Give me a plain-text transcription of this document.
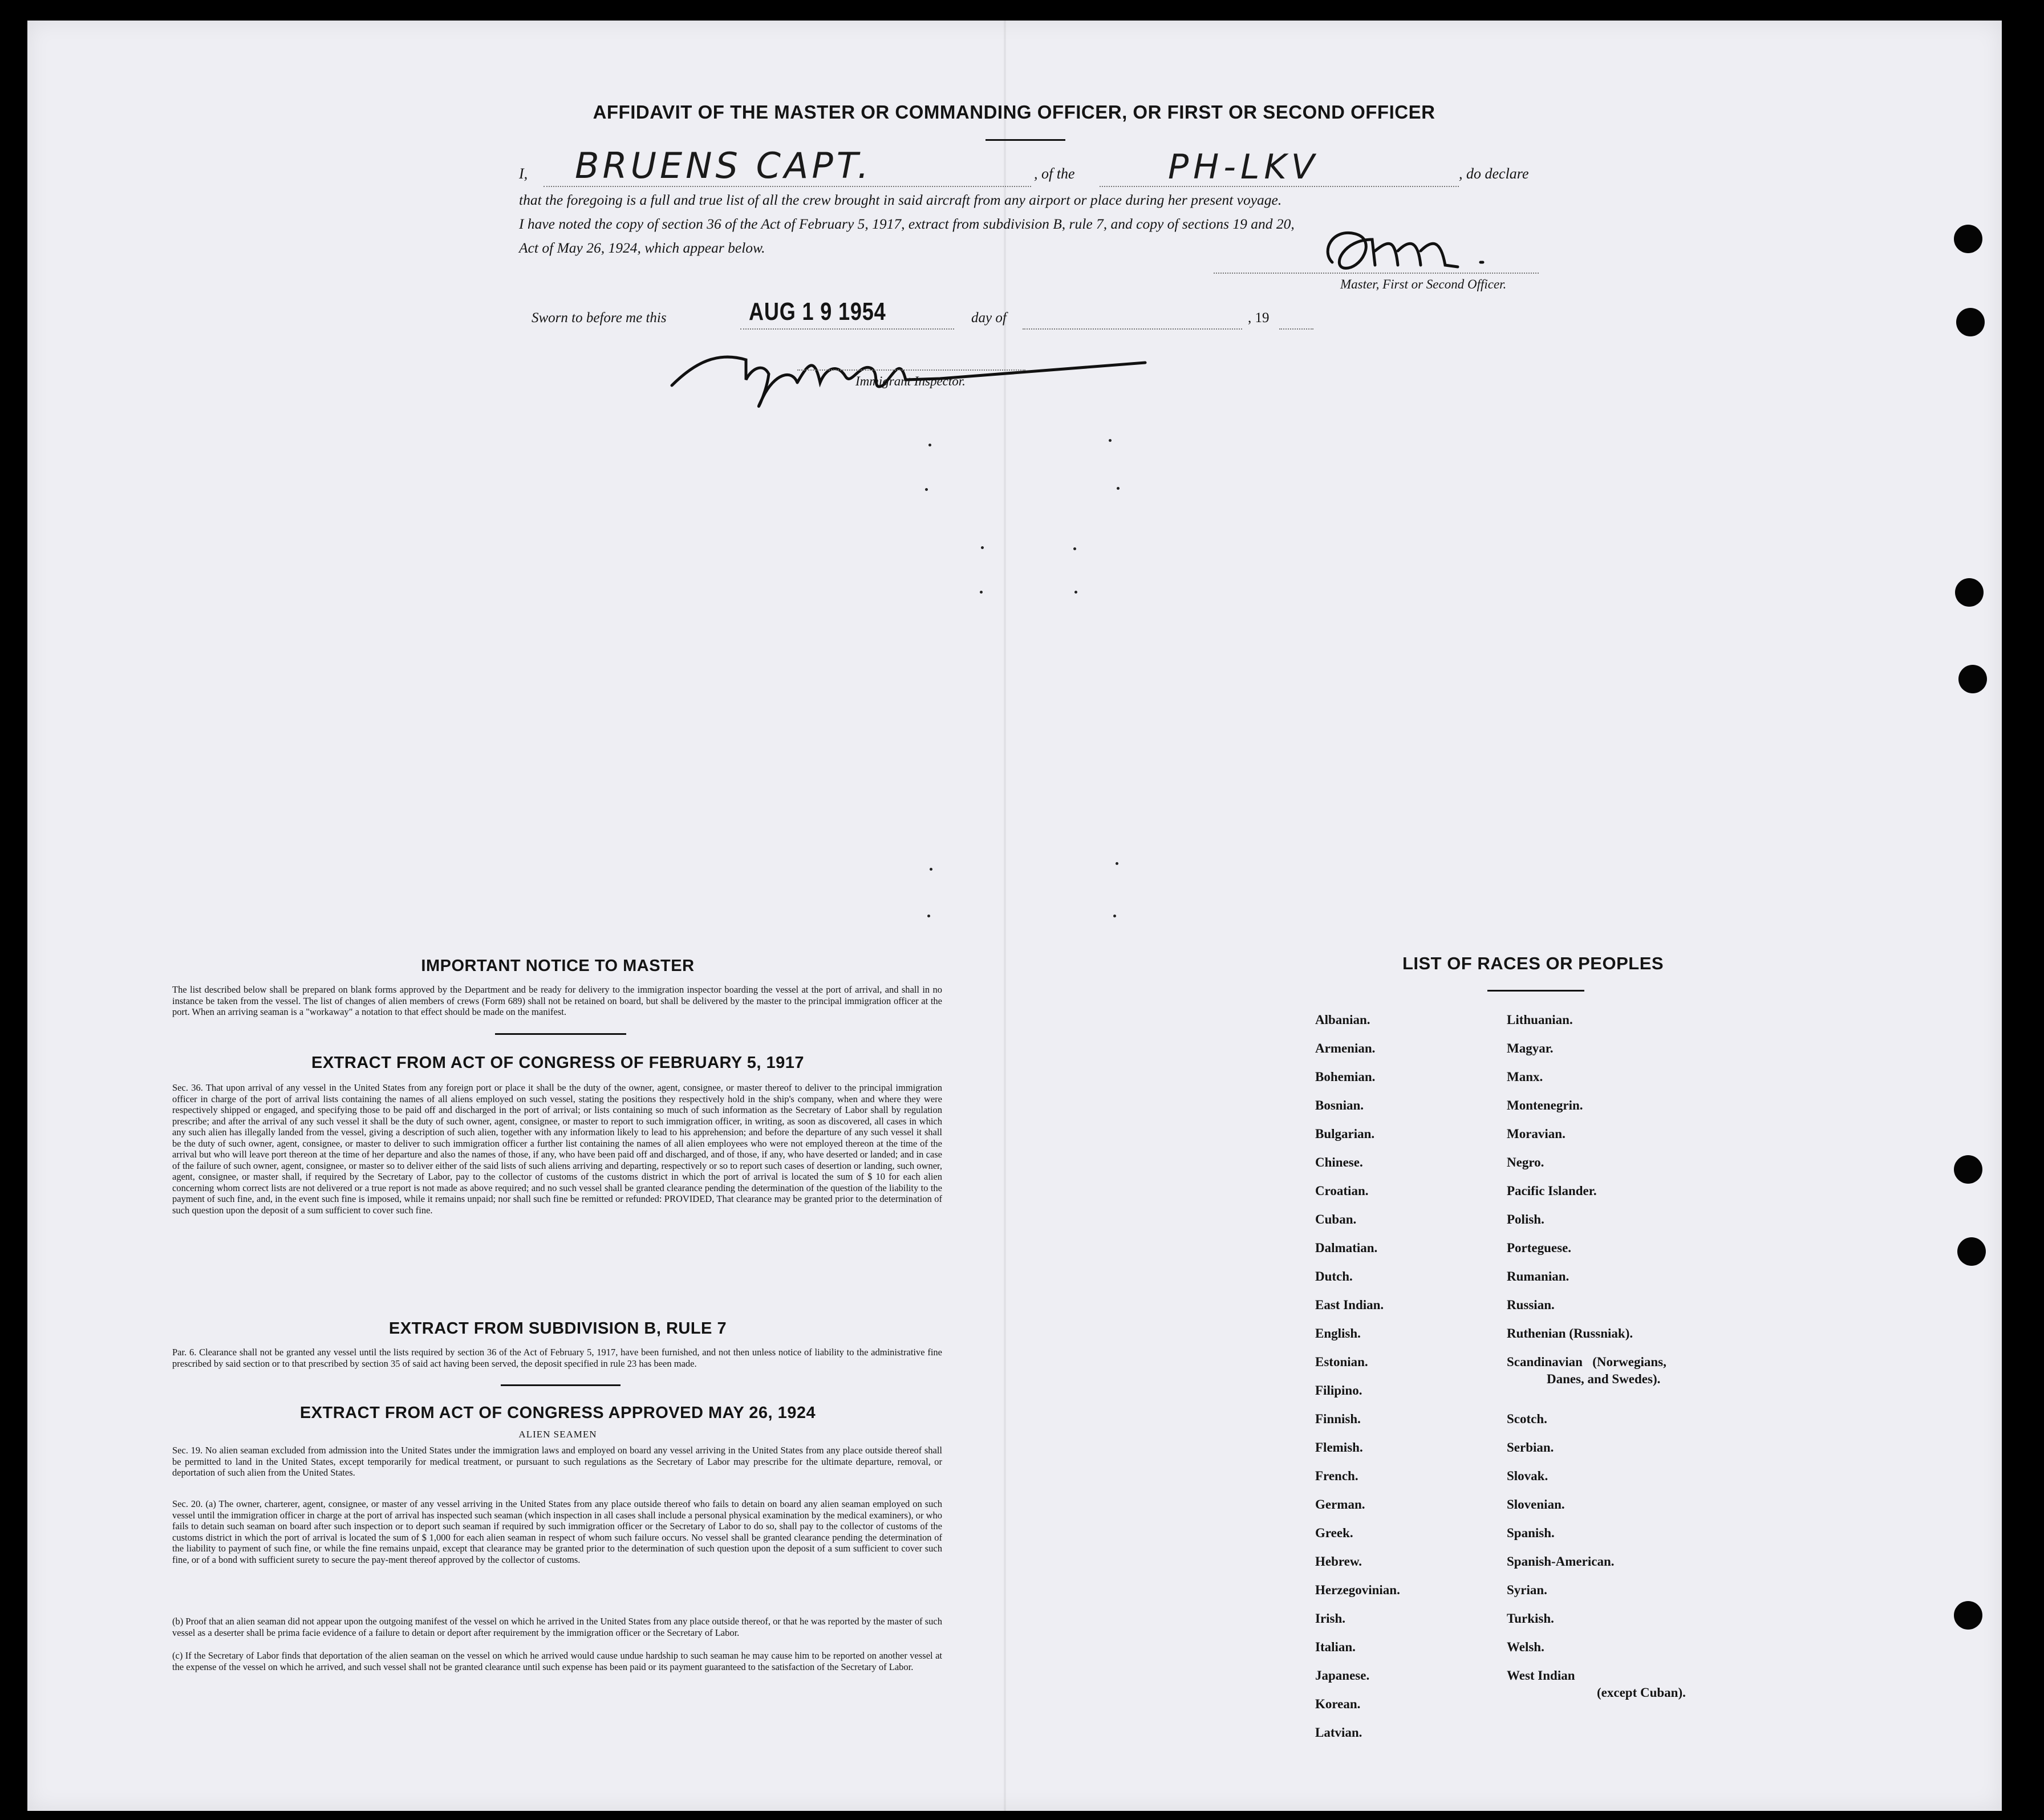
AFFIDAVIT OF THE MASTER OR COMMANDING OFFICER, OR FIRST OR SECOND OFFICER
I, BRUENS CAPT.	, of the	PH-LKV	, do declare
that the foregoing is a full and true list of all the crew brought in said aircraft from any airport or place during her present voyage.
I have noted the copy of section 36 of the Act of February 5, 1917, extract from subdivision B, rule 7, and copy of sections 19 and 20,
Act of May 26, 1924, which appear below.
Master, First or Second Officer.
Sworn to before me this	AUG 1 9 1954	day of	, 19
Immigrant Inspector.
IMPORTANT NOTICE TO MASTER
The list described below shall be prepared on blank forms approved by the Department and be ready for delivery to the immigration inspector boarding the vessel at the port of arrival, and shall in no instance be taken from the vessel. The list of changes of alien members of crews (Form 689) shall not be retained on board, but shall be delivered by the master to the principal immigration officer at the port. When an arriving seaman is a "workaway" a notation to that effect should be made on the manifest.
EXTRACT FROM ACT OF CONGRESS OF FEBRUARY 5, 1917
Sec. 36. That upon arrival of any vessel in the United States from any foreign port or place it shall be the duty of the owner, agent, consignee, or master thereof to deliver to the principal immigration officer in charge of the port of arrival lists containing the names of all aliens employed on such vessel, stating the positions they respectively hold in the ship's company, when and where they were respectively shipped or engaged, and specifying those to be paid off and discharged in the port of arrival; or lists containing so much of such information as the Secretary of Labor shall by regulation prescribe; and after the arrival of any such vessel it shall be the duty of such owner, agent, consignee, or master to report to such immigration officer, in writing, as soon as discovered, all cases in which any such alien has illegally landed from the vessel, giving a description of such alien, together with any information likely to lead to his apprehension; and before the departure of any such vessel it shall be the duty of such owner, agent, consignee, or master to deliver to such immigration officer a further list containing the names of all alien employees who were not employed thereon at the time of the arrival but who will leave port thereon at the time of her departure and also the names of those, if any, who have been paid off and discharged, and of those, if any, who have deserted or landed; and in case of the failure of such owner, agent, consignee, or master so to deliver either of the said lists of such aliens arriving and departing, respectively or so to report such cases of desertion or landing, such owner, agent, consignee, or master shall, if required by the Secretary of Labor, pay to the collector of customs of the customs district in which the port of arrival is located the sum of $ 10 for each alien concerning whom correct lists are not delivered or a true report is not made as above required; and no such vessel shall be granted clearance pending the determination of the question of the liability to the payment of such fine, and, in the event such fine is imposed, while it remains unpaid; nor shall such fine be remitted or refunded: PROVIDED, That clearance may be granted prior to the determination of such question upon the deposit of a sum sufficient to cover such fine.
EXTRACT FROM SUBDIVISION B, RULE 7
Par. 6. Clearance shall not be granted any vessel until the lists required by section 36 of the Act of February 5, 1917, have been furnished, and not then unless notice of liability to the administrative fine prescribed by said section or to that prescribed by section 35 of said act having been served, the deposit specified in rule 23 has been made.
EXTRACT FROM ACT OF CONGRESS APPROVED MAY 26, 1924
ALIEN SEAMEN
Sec. 19. No alien seaman excluded from admission into the United States under the immigration laws and employed on board any vessel arriving in the United States from any place outside thereof shall be permitted to land in the United States, except temporarily for medical treatment, or pursuant to such regulations as the Secretary of Labor may prescribe for the ultimate departure, removal, or deportation of such alien from the United States.
Sec. 20. (a) The owner, charterer, agent, consignee, or master of any vessel arriving in the United States from any place outside thereof who fails to detain on board any alien seaman employed on such vessel until the immigration officer in charge at the port of arrival has inspected such seaman (which inspection in all cases shall include a personal physical examination by the medical examiners), or who fails to detain such seaman on board after such inspection or to deport such seaman if required by such immigration officer or the Secretary of Labor to do so, shall pay to the collector of customs of the customs district in which the port of arrival is located the sum of $ 1,000 for each alien seaman in respect of whom such failure occurs. No vessel shall be granted clearance pending the determination of the liability to payment of such fine, or while the fine remains unpaid, except that clearance may be granted prior to the determination of such question upon the deposit of a sum sufficient to cover such fine, or of a bond with sufficient surety to secure the pay-ment thereof approved by the collector of customs.
(b) Proof that an alien seaman did not appear upon the outgoing manifest of the vessel on which he arrived in the United States from any place outside thereof, or that he was reported by the master of such vessel as a deserter shall be prima facie evidence of a failure to detain or deport after requirement by the immigration officer or the Secretary of Labor.
(c) If the Secretary of Labor finds that deportation of the alien seaman on the vessel on which he arrived would cause undue hardship to such seaman he may cause him to be reported on another vessel at the expense of the vessel on which he arrived, and such vessel shall not be granted clearance until such expense has been paid or its payment guaranteed to the satisfaction of the Secretary of Labor.
LIST OF RACES OR PEOPLES
Albanian.
Armenian.
Bohemian.
Bosnian.
Bulgarian.
Chinese.
Croatian.
Cuban.
Dalmatian.
Dutch.
East Indian.
English.
Estonian.
Filipino.
Finnish.
Flemish.
French.
German.
Greek.
Hebrew.
Herzegovinian.
Irish.
Italian.
Japanese.
Korean.
Latvian.
Lithuanian.
Magyar.
Manx.
Montenegrin.
Moravian.
Negro.
Pacific Islander.
Polish.
Porteguese.
Rumanian.
Russian.
Ruthenian (Russniak).
Scandinavian   (Norwegians,
Danes, and Swedes).
Scotch.
Serbian.
Slovak.
Slovenian.
Spanish.
Spanish-American.
Syrian.
Turkish.
Welsh.
West Indian
(except Cuban).
